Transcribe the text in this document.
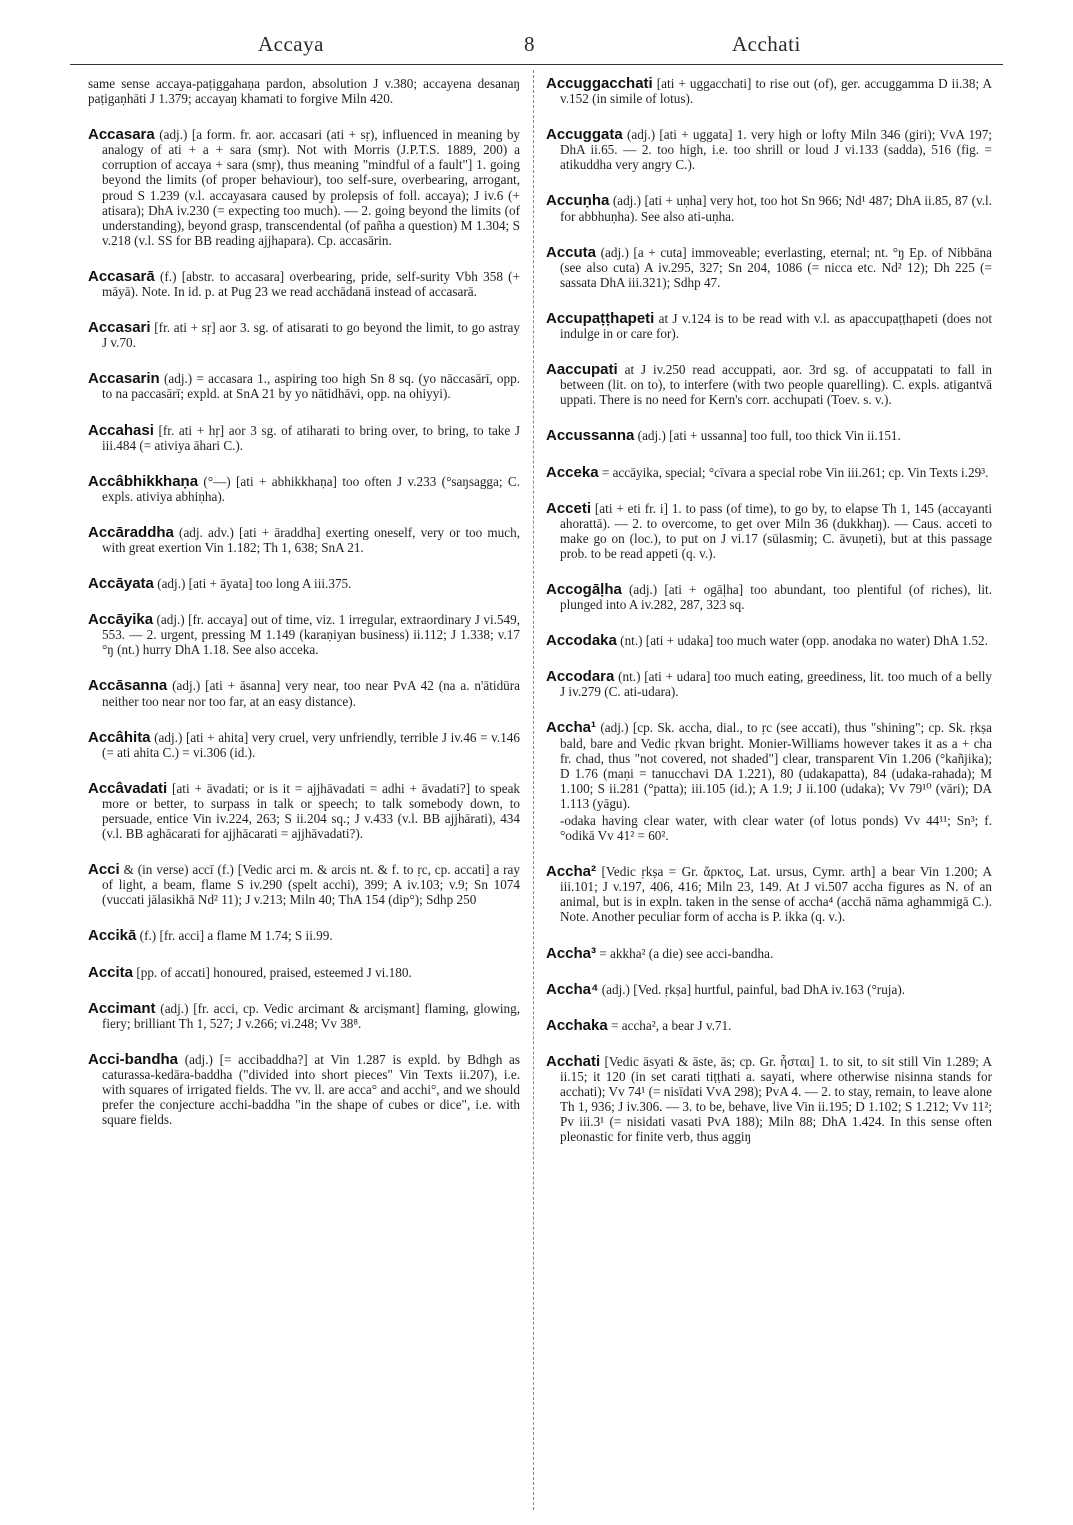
Accaya	8	Acchati
same sense accaya-paṭiggahaṇa pardon, absolution J v.380; accayena desanaŋ paṭigaṇhāti J 1.379; accayaŋ khamati to forgive Miln 420.
Accasara (adj.) [a form. fr. aor. accasari (ati + sṛ), influenced in meaning by analogy of ati + a + sara (smṛ). Not with Morris (J.P.T.S. 1889, 200) a corruption of accaya + sara (smṛ), thus meaning "mindful of a fault"] 1. going beyond the limits (of proper behaviour), too self-sure, overbearing, arrogant, proud S 1.239 (v.l. accayasara caused by prolepsis of foll. accaya); J iv.6 (+ atisara); DhA iv.230 (= expecting too much). — 2. going beyond the limits (of understanding), beyond grasp, transcendental (of pañha a question) M 1.304; S v.218 (v.l. SS for BB reading ajjhapara). Cp. accasārin.
Accasarā (f.) [abstr. to accasara] overbearing, pride, self-surity Vbh 358 (+ māyā). Note. In id. p. at Pug 23 we read acchādanā instead of accasarā.
Accasari [fr. ati + sṛ] aor 3. sg. of atisarati to go beyond the limit, to go astray J v.70.
Accasarin (adj.) = accasara 1., aspiring too high Sn 8 sq. (yo nāccasārī, opp. to na paccasārī; expld. at SnA 21 by yo nātidhāvi, opp. na ohiyyi).
Accahasi [fr. ati + hṛ] aor 3 sg. of atiharati to bring over, to bring, to take J iii.484 (= ativiya āhari C.).
Accâbhikkhaṇa (°—) [ati + abhikkhaṇa] too often J v.233 (°saŋsagga; C. expls. ativiya abhiṇha).
Accāraddha (adj. adv.) [ati + āraddha] exerting oneself, very or too much, with great exertion Vin 1.182; Th 1, 638; SnA 21.
Accāyata (adj.) [ati + āyata] too long A iii.375.
Accāyika (adj.) [fr. accaya] out of time, viz. 1 irregular, extraordinary J vi.549, 553. — 2. urgent, pressing M 1.149 (karaṇiyan business) ii.112; J 1.338; v.17 °ŋ (nt.) hurry DhA 1.18. See also acceka.
Accāsanna (adj.) [ati + āsanna] very near, too near PvA 42 (na a. n'ātidūra neither too near nor too far, at an easy distance).
Accâhita (adj.) [ati + ahita] very cruel, very unfriendly, terrible J iv.46 = v.146 (= ati ahita C.) = vi.306 (id.).
Accâvadati [ati + āvadati; or is it = ajjhāvadati = adhi + āvadati?] to speak more or better, to surpass in talk or speech; to talk somebody down, to persuade, entice Vin iv.224, 263; S ii.204 sq.; J v.433 (v.l. BB ajjhārati), 434 (v.l. BB aghācarati for ajjhācarati = ajjhāvadati?).
Acci & (in verse) accī (f.) [Vedic arci m. & arcis nt. & f. to ṛc, cp. accati] a ray of light, a beam, flame S iv.290 (spelt acchi), 399; A iv.103; v.9; Sn 1074 (vuccati jālasikhā Nd² 11); J v.213; Miln 40; ThA 154 (dip°); Sdhp 250
Accikā (f.) [fr. acci] a flame M 1.74; S ii.99.
Accita [pp. of accati] honoured, praised, esteemed J vi.180.
Accimant (adj.) [fr. acci, cp. Vedic arcimant & arciṣmant] flaming, glowing, fiery; brilliant Th 1, 527; J v.266; vi.248; Vv 38⁸.
Acci-bandha (adj.) [= accibaddha?] at Vin 1.287 is expld. by Bdhgh as caturassa-kedāra-baddha ("divided into short pieces" Vin Texts ii.207), i.e. with squares of irrigated fields. The vv. ll. are acca° and acchi°, and we should prefer the conjecture acchi-baddha "in the shape of cubes or dice", i.e. with square fields.
Accuggacchati [ati + uggacchati] to rise out (of), ger. accuggamma D ii.38; A v.152 (in simile of lotus).
Accuggata (adj.) [ati + uggata] 1. very high or lofty Miln 346 (giri); VvA 197; DhA ii.65. — 2. too high, i.e. too shrill or loud J vi.133 (sadda), 516 (fig. = atikuddha very angry C.).
Accuṇha (adj.) [ati + uṇha] very hot, too hot Sn 966; Nd¹ 487; DhA ii.85, 87 (v.l. for abbhuṇha). See also ati-uṇha.
Accuta (adj.) [a + cuta] immoveable; everlasting, eternal; nt. °ŋ Ep. of Nibbāna (see also cuta) A iv.295, 327; Sn 204, 1086 (= nicca etc. Nd² 12); Dh 225 (= sassata DhA iii.321); Sdhp 47.
Accupaṭṭhapeti at J v.124 is to be read with v.l. as apaccupaṭṭhapeti (does not indulge in or care for).
Aaccupati at J iv.250 read accuppati, aor. 3rd sg. of accuppatati to fall in between (lit. on to), to interfere (with two people quarelling). C. expls. atigantvā uppati. There is no need for Kern's corr. acchupati (Toev. s. v.).
Accussanna (adj.) [ati + ussanna] too full, too thick Vin ii.151.
Acceka = accāyika, special; °cīvara a special robe Vin iii.261; cp. Vin Texts i.29³.
Acceti [ati + eti fr. i] 1. to pass (of time), to go by, to elapse Th 1, 145 (accayanti ahorattā). — 2. to overcome, to get over Miln 36 (dukkhaŋ). — Caus. acceti to make go on (loc.), to put on J vi.17 (sūlasmiŋ; C. āvuṇeti), but at this passage prob. to be read appeti (q. v.).
Accogāḷha (adj.) [ati + ogāḷha] too abundant, too plentiful (of riches), lit. plunged into A iv.282, 287, 323 sq.
Accodaka (nt.) [ati + udaka] too much water (opp. anodaka no water) DhA 1.52.
Accodara (nt.) [ati + udara] too much eating, greediness, lit. too much of a belly J iv.279 (C. ati-udara).
Accha¹ (adj.) [cp. Sk. accha, dial., to ṛc (see accati), thus "shining"; cp. Sk. ṛkṣa bald, bare and Vedic ṛkvan bright. Monier-Williams however takes it as a + cha fr. chad, thus "not covered, not shaded"] clear, transparent Vin 1.206 (°kañjika); D 1.76 (maṇi = tanucchavi DA 1.221), 80 (udakapatta), 84 (udaka-rahada); M 1.100; S ii.281 (°patta); iii.105 (id.); A 1.9; J ii.100 (udaka); Vv 79¹⁰ (vāri); DA 1.113 (yāgu).
-odaka having clear water, with clear water (of lotus ponds) Vv 44¹¹; Sn³; f. °odikā Vv 41² = 60².
Accha² [Vedic ṛkṣa = Gr. ἄρκτος, Lat. ursus, Cymr. arth] a bear Vin 1.200; A iii.101; J v.197, 406, 416; Miln 23, 149. At J vi.507 accha figures as N. of an animal, but is in expln. taken in the sense of accha⁴ (acchā nāma aghammigā C.). Note. Another peculiar form of accha is P. ikka (q. v.).
Accha³ = akkha² (a die) see acci-bandha.
Accha⁴ (adj.) [Ved. ṛkṣa] hurtful, painful, bad DhA iv.163 (°ruja).
Acchaka = accha², a bear J v.71.
Acchati [Vedic āsyati & āste, ās; cp. Gr. ἧσται] 1. to sit, to sit still Vin 1.289; A ii.15; it 120 (in set carati tiṭṭhati a. sayati, where otherwise nisinna stands for acchati); Vv 74¹ (= nisīdati VvA 298); PvA 4. — 2. to stay, remain, to leave alone Th 1, 936; J iv.306. — 3. to be, behave, live Vin ii.195; D 1.102; S 1.212; Vv 11²; Pv iii.3¹ (= nisidati vasati PvA 188); Miln 88; DhA 1.424. In this sense often pleonastic for finite verb, thus aggiŋ
